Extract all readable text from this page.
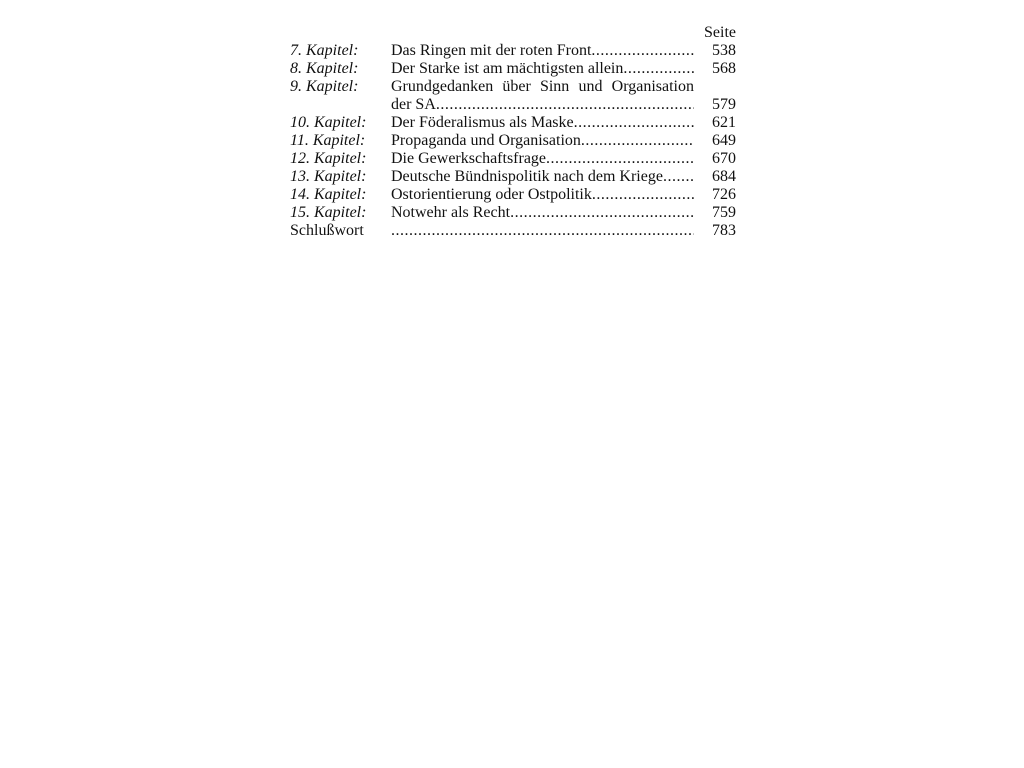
Seite
7. Kapitel: Das Ringen mit der roten Front .....	538
8. Kapitel: Der Starke ist am mächtigsten allein .....	568
9. Kapitel: Grundgedanken über Sinn und Organisation
der SA .....	579
10. Kapitel: Der Föderalismus als Maske .....	621
11. Kapitel: Propaganda und Organisation .....	649
12. Kapitel: Die Gewerkschaftsfrage .....	670
13. Kapitel: Deutsche Bündnispolitik nach dem Kriege .....	684
14. Kapitel: Ostorientierung oder Ostpolitik .....	726
15. Kapitel: Notwehr als Recht .....	759
Schlußwort .....	783
